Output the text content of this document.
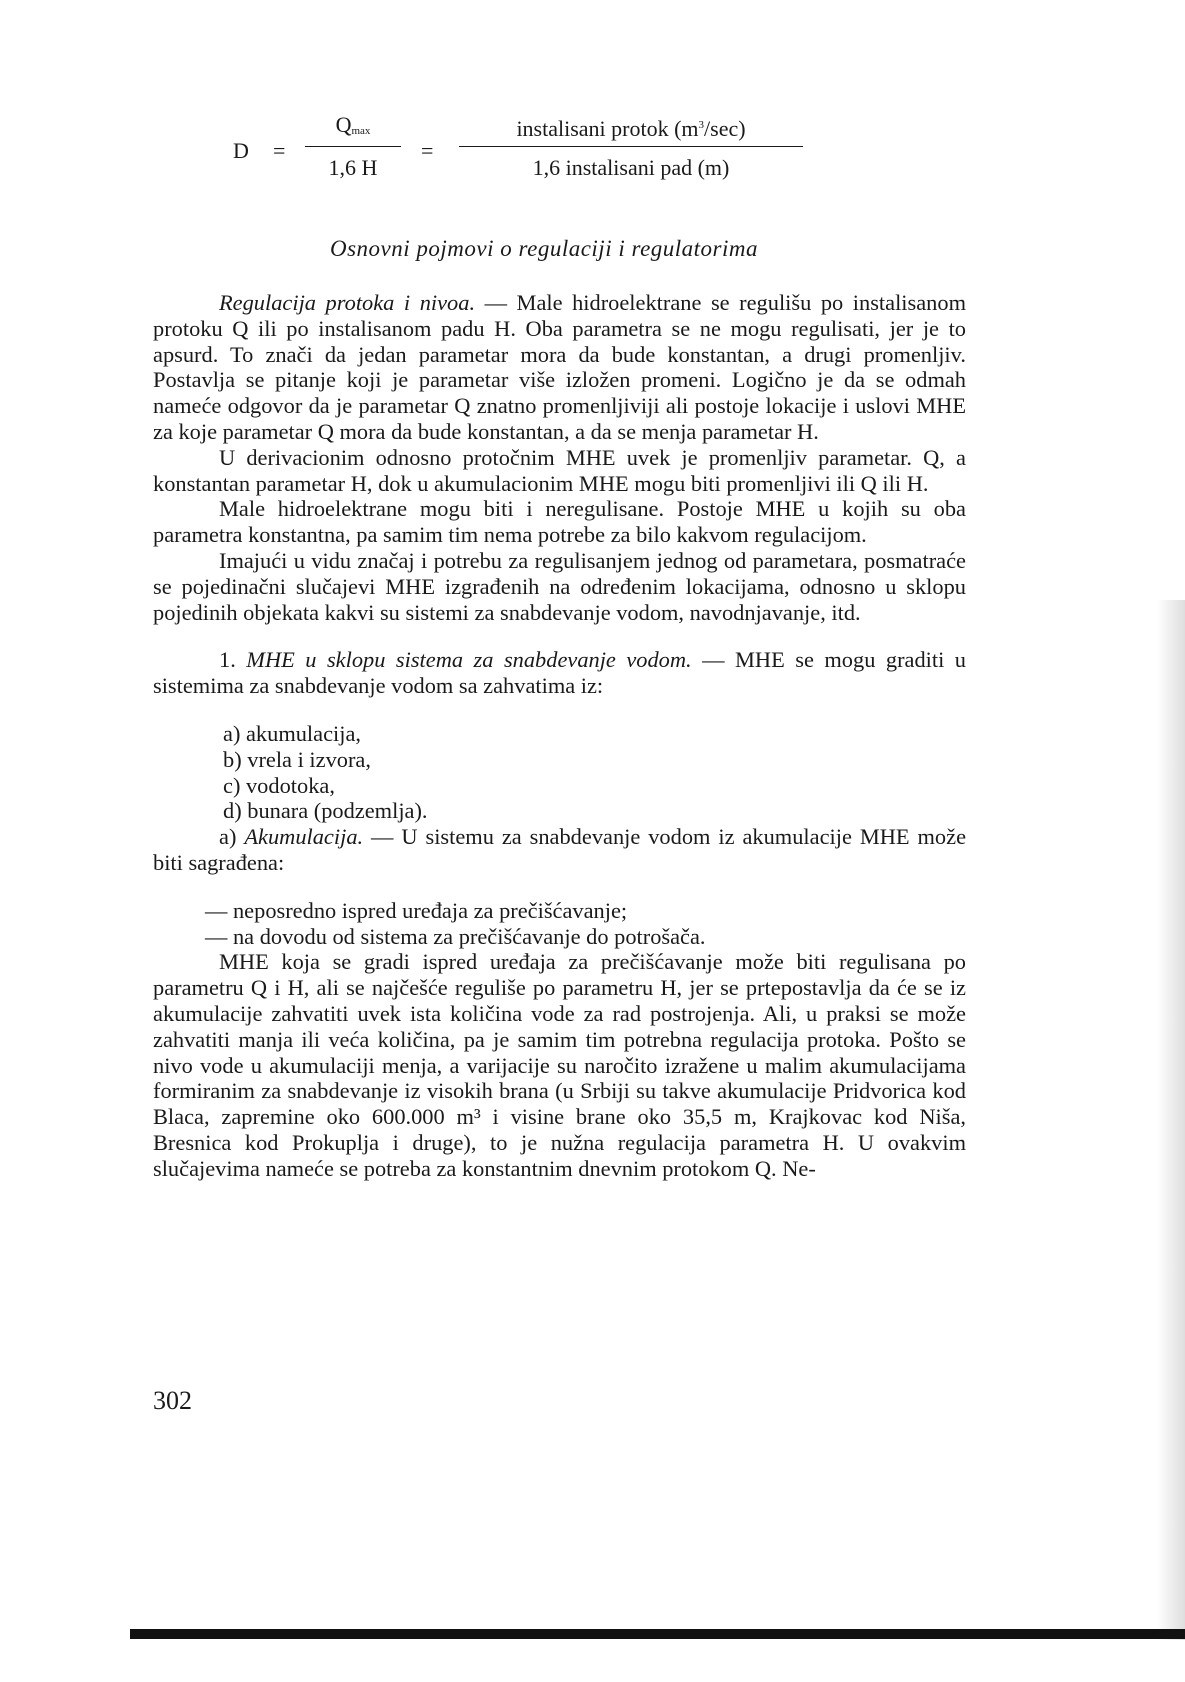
D =
$Q_{max}$
1,6 H
=
instalisani protok $(m^3/\sec)$
1,6 instalisani pad (m)
Osnovni pojmovi o regulaciji i regulatorima

Regulacija protoka i nivoa. — Male hidroelektrane se regulišu po instalisanom protoku Q ili po instalisanom padu H. Oba parametra se ne mogu regulisati, jer je to apsurd. To znači da jedan parametar mora da bude konstantan, a drugi promenljiv. Postavlja se pitanje koji je parametar više izložen promeni. Logično je da se odmah nameće odgovor da je parametar Q znatno promenljiviji ali postoje lokacije i uslovi MHE za koje parametar Q mora da bude konstantan, a da se menja parametar H.

U derivacionim odnosno protočnim MHE uvek je promenljiv parametar. Q, a konstantan parametar H, dok u akumulacionim MHE mogu biti promenljivi ili Q ili H.

Male hidroelektrane mogu biti i neregulisane. Postoje MHE u kojih su oba parametra konstantna, pa samim tim nema potrebe za bilo kakvom regulacijom.

Imajući u vidu značaj i potrebu za regulisanjem jednog od parametara, posmatraće se pojedinačni slučajevi MHE izgrađenih na određenim lokacijama, odnosno u sklopu pojedinih objekata kakvi su sistemi za snabdevanje vodom, navodnjavanje, itd.

1. MHE u sklopu sistema za snabdevanje vodom. — MHE se mogu graditi u sistemima za snabdevanje vodom sa zahvatima iz:

a) akumulacija,
b) vrela i izvora,
c) vodotoka,
d) bunara (podzemlja).

a) Akumulacija. — U sistemu za snabdevanje vodom iz akumulacije MHE može biti sagrađena:

— neposredno ispred uređaja za prečišćavanje;
— na dovodu od sistema za prečišćavanje do potrošača.

MHE koja se gradi ispred uređaja za prečišćavanje može biti regulisana po parametru Q i H, ali se najčešće reguliše po parametru H, jer se prtepostavlja da će se iz akumulacije zahvatiti uvek ista količina vode za rad postrojenja. Ali, u praksi se može zahvatiti manja ili veća količina, pa je samim tim potrebna regulacija protoka. Pošto se nivo vode u akumulaciji menja, a varijacije su naročito izražene u malim akumulacijama formiranim za snabdevanje iz visokih brana (u Srbiji su takve akumulacije Pridvorica kod Blaca, zapremine oko 600.000 m³ i visine brane oko 35,5 m, Krajkovac kod Niša, Bresnica kod Prokuplja i druge), to je nužna regulacija parametra H. U ovakvim slučajevima nameće se potreba za konstantnim dnevnim protokom Q. Ne-

302
